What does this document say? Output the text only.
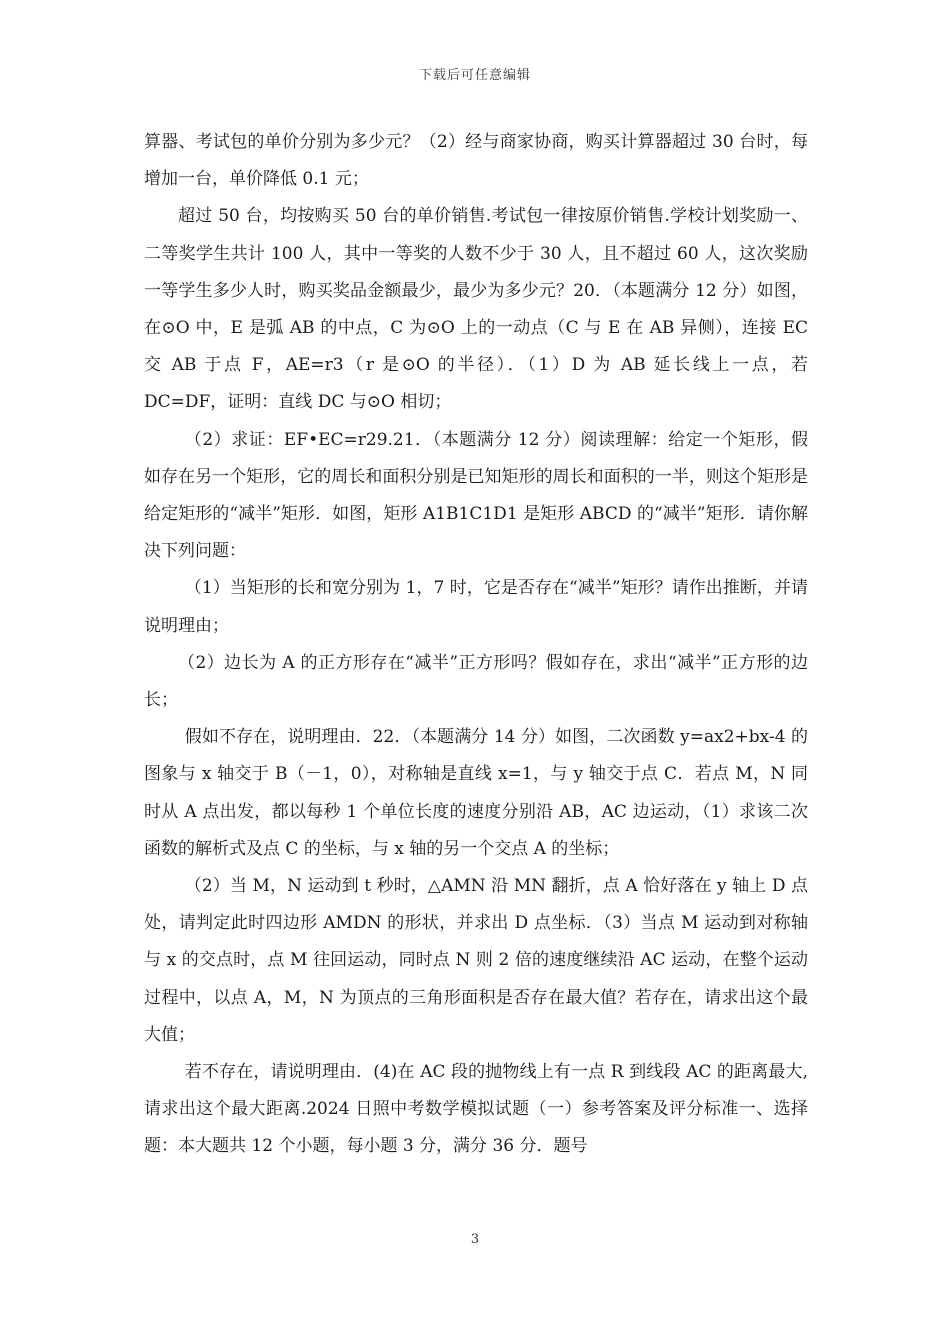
下载后可任意编辑

算器、考试包的单价分别为多少元？（2）经与商家协商，购买计算器超过 30 台时，每增加一台，单价降低 0.1 元；

超过 50 台，均按购买 50 台的单价销售.考试包一律按原价销售.学校计划奖励一、二等奖学生共计 100 人，其中一等奖的人数不少于 30 人，且不超过 60 人，这次奖励一等学生多少人时，购买奖品金额最少，最少为多少元？20．（本题满分 12 分）如图，在⊙O 中，E 是弧 AB 的中点，C 为⊙O 上的一动点（C 与 E 在 AB 异侧），连接 EC 交 AB 于点 F，AE=r3（r 是⊙O 的半径）．（1）D 为 AB 延长线上一点，若 DC=DF，证明：直线 DC 与⊙O 相切；

（2）求证：EF•EC=r29.21．（本题满分 12 分）阅读理解：给定一个矩形，假如存在另一个矩形，它的周长和面积分别是已知矩形的周长和面积的一半，则这个矩形是给定矩形的“减半”矩形．如图，矩形 A1B1C1D1 是矩形 ABCD 的“减半”矩形．请你解决下列问题：

（1）当矩形的长和宽分别为 1，7 时，它是否存在“减半”矩形？请作出推断，并请说明理由；

（2）边长为 A 的正方形存在“减半”正方形吗？假如存在，求出“减半”正方形的边长；

假如不存在，说明理由．22．（本题满分 14 分）如图，二次函数 y=ax2+bx-4 的图象与 x 轴交于 B（－1，0），对称轴是直线 x=1，与 y 轴交于点 C．若点 M，N 同时从 A 点出发，都以每秒 1 个单位长度的速度分别沿 AB，AC 边运动，（1）求该二次函数的解析式及点 C 的坐标，与 x 轴的另一个交点 A 的坐标；

（2）当 M，N 运动到 t 秒时，△AMN 沿 MN 翻折，点 A 恰好落在 y 轴上 D 点处，请判定此时四边形 AMDN 的形状，并求出 D 点坐标．（3）当点 M 运动到对称轴与 x 的交点时，点 M 往回运动，同时点 N 则 2 倍的速度继续沿 AC 运动，在整个运动过程中，以点 A，M，N 为顶点的三角形面积是否存在最大值？若存在，请求出这个最大值；

若不存在，请说明理由．(4)在 AC 段的抛物线上有一点 R 到线段 AC 的距离最大,请求出这个最大距离.2024 日照中考数学模拟试题（一）参考答案及评分标准一、选择题：本大题共 12 个小题，每小题 3 分，满分 36 分．题号

3
